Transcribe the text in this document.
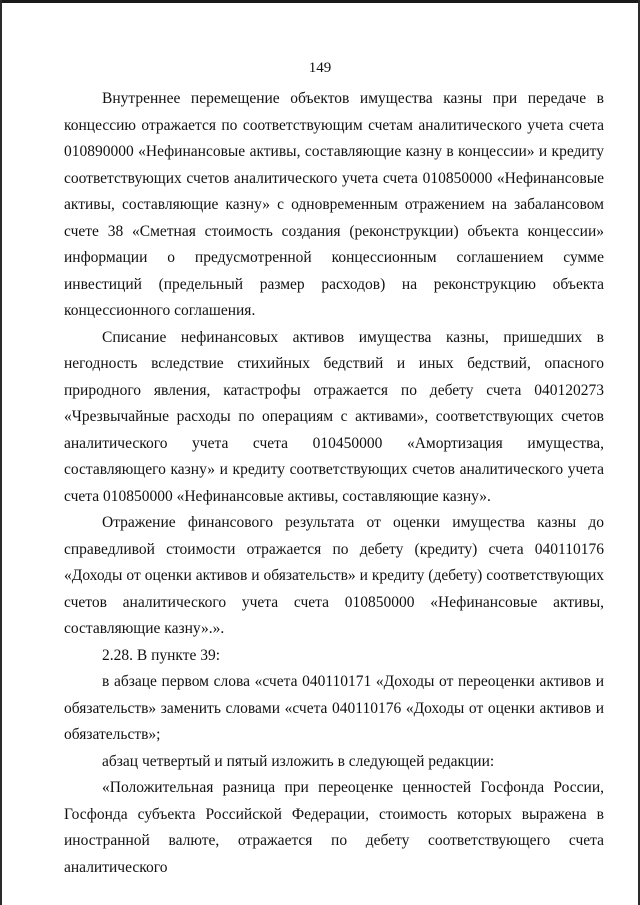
149

Внутреннее перемещение объектов имущества казны при передаче в концессию отражается по соответствующим счетам аналитического учета счета 010890000 «Нефинансовые активы, составляющие казну в концессии» и кредиту соответствующих счетов аналитического учета счета 010850000 «Нефинансовые активы, составляющие казну» с одновременным отражением на забалансовом счете 38 «Сметная стоимость создания (реконструкции) объекта концессии» информации о предусмотренной концессионным соглашением сумме инвестиций (предельный размер расходов) на реконструкцию объекта концессионного соглашения.

Списание нефинансовых активов имущества казны, пришедших в негодность вследствие стихийных бедствий и иных бедствий, опасного природного явления, катастрофы отражается по дебету счета 040120273 «Чрезвычайные расходы по операциям с активами», соответствующих счетов аналитического учета счета 010450000 «Амортизация имущества, составляющего казну» и кредиту соответствующих счетов аналитического учета счета 010850000 «Нефинансовые активы, составляющие казну».

Отражение финансового результата от оценки имущества казны до справедливой стоимости отражается по дебету (кредиту) счета 040110176 «Доходы от оценки активов и обязательств» и кредиту (дебету) соответствующих счетов аналитического учета счета 010850000 «Нефинансовые активы, составляющие казну».».

2.28. В пункте 39:

в абзаце первом слова «счета 040110171 «Доходы от переоценки активов и обязательств» заменить словами «счета 040110176 «Доходы от оценки активов и обязательств»;

абзац четвертый и пятый изложить в следующей редакции:

«Положительная разница при переоценке ценностей Госфонда России, Госфонда субъекта Российской Федерации, стоимость которых выражена в иностранной валюте, отражается по дебету соответствующего счета аналитического
